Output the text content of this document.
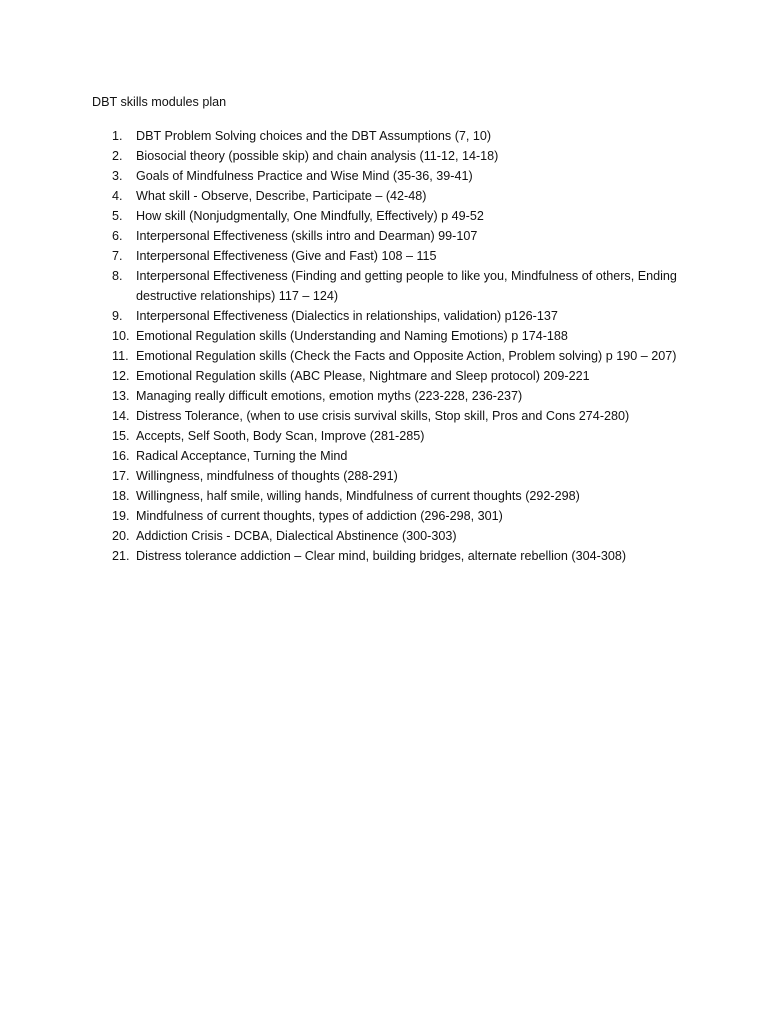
DBT skills modules plan
1.	DBT Problem Solving choices and the DBT Assumptions (7, 10)
2.	Biosocial theory (possible skip) and chain analysis (11-12, 14-18)
3.	Goals of Mindfulness Practice and Wise Mind (35-36, 39-41)
4.	What skill - Observe, Describe, Participate – (42-48)
5.	How skill (Nonjudgmentally, One Mindfully, Effectively) p 49-52
6.	Interpersonal Effectiveness (skills intro and Dearman) 99-107
7.	Interpersonal Effectiveness (Give and Fast) 108 – 115
8.	Interpersonal Effectiveness (Finding and getting people to like you, Mindfulness of others, Ending destructive relationships) 117 – 124)
9.	Interpersonal Effectiveness (Dialectics in relationships, validation) p126-137
10. Emotional Regulation skills (Understanding and Naming Emotions) p 174-188
11. Emotional Regulation skills (Check the Facts and Opposite Action, Problem solving) p 190 – 207)
12. Emotional Regulation skills (ABC Please, Nightmare and Sleep protocol) 209-221
13. Managing really difficult emotions, emotion myths (223-228, 236-237)
14. Distress Tolerance, (when to use crisis survival skills, Stop skill, Pros and Cons 274-280)
15. Accepts, Self Sooth, Body Scan, Improve (281-285)
16. Radical Acceptance, Turning the Mind
17. Willingness, mindfulness of thoughts (288-291)
18. Willingness, half smile, willing hands, Mindfulness of current thoughts (292-298)
19. Mindfulness of current thoughts, types of addiction (296-298, 301)
20. Addiction Crisis - DCBA, Dialectical Abstinence (300-303)
21. Distress tolerance addiction – Clear mind, building bridges, alternate rebellion (304-308)
